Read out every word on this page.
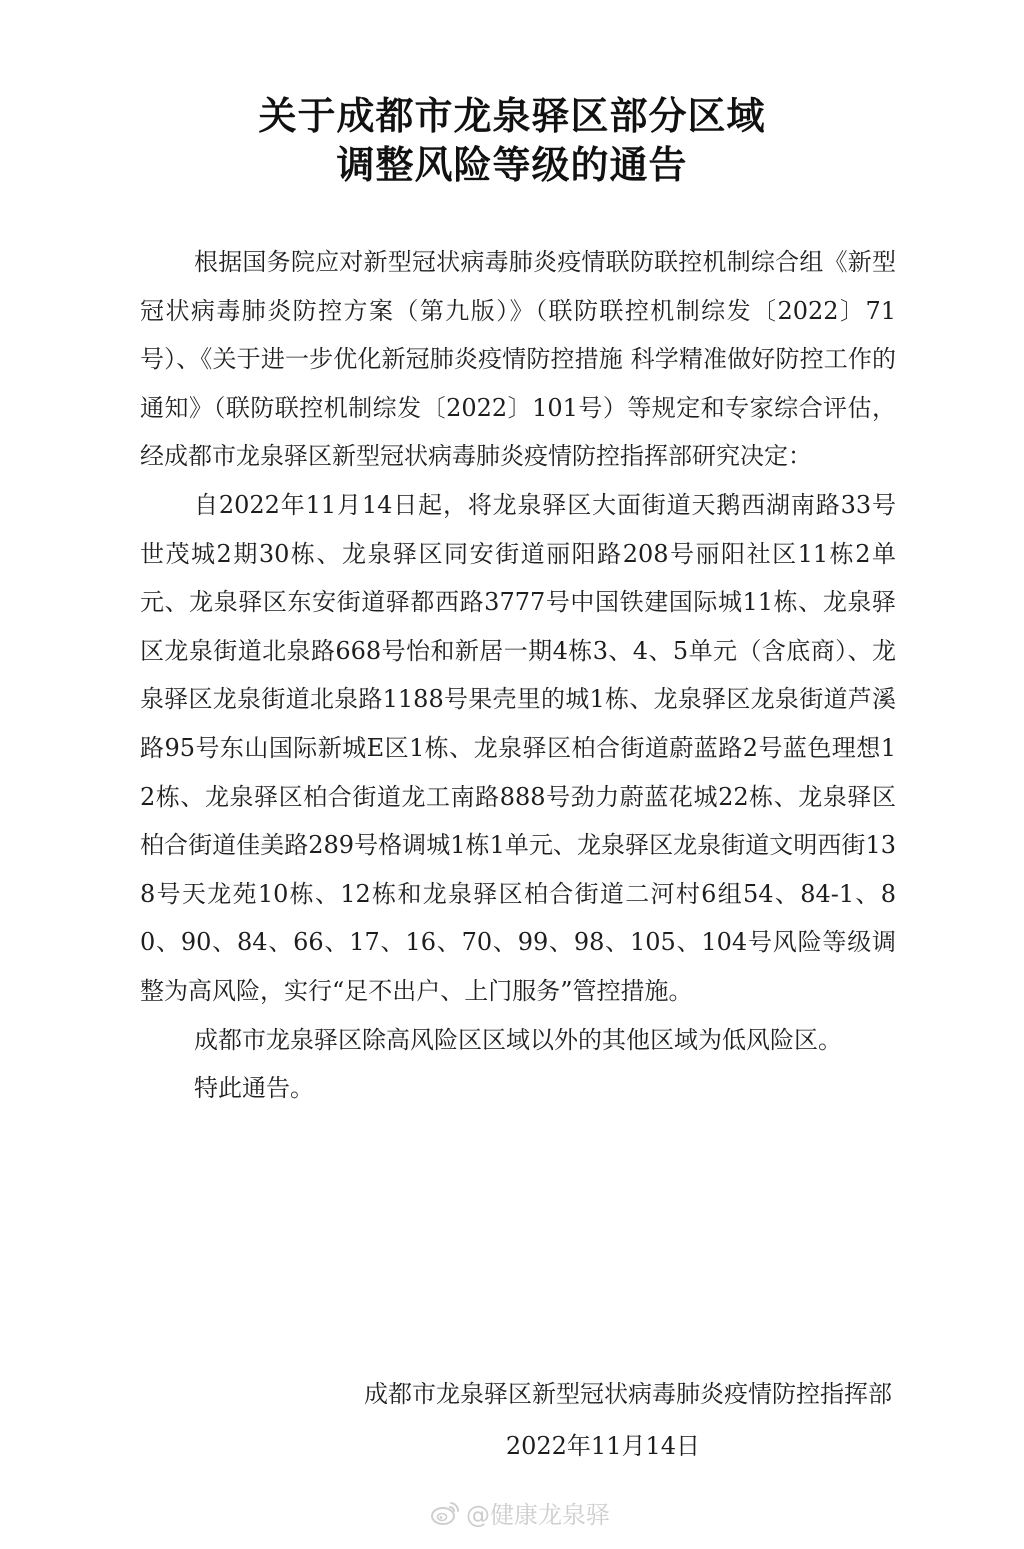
关于成都市龙泉驿区部分区域
调整风险等级的通告

根据国务院应对新型冠状病毒肺炎疫情联防联控机制综合组《新型冠状病毒肺炎防控方案（第九版）》（联防联控机制综发〔2022〕71号）、《关于进一步优化新冠肺炎疫情防控措施 科学精准做好防控工作的通知》（联防联控机制综发〔2022〕101号）等规定和专家综合评估，经成都市龙泉驿区新型冠状病毒肺炎疫情防控指挥部研究决定：

自2022年11月14日起，将龙泉驿区大面街道天鹅西湖南路33号世茂城2期30栋、龙泉驿区同安街道丽阳路208号丽阳社区11栋2单元、龙泉驿区东安街道驿都西路3777号中国铁建国际城11栋、龙泉驿区龙泉街道北泉路668号怡和新居一期4栋3、4、5单元（含底商）、龙泉驿区龙泉街道北泉路1188号果壳里的城1栋、龙泉驿区龙泉街道芦溪路95号东山国际新城E区1栋、龙泉驿区柏合街道蔚蓝路2号蓝色理想12栋、龙泉驿区柏合街道龙工南路888号劲力蔚蓝花城22栋、龙泉驿区柏合街道佳美路289号格调城1栋1单元、龙泉驿区龙泉街道文明西街138号天龙苑10栋、12栋和龙泉驿区柏合街道二河村6组54、84-1、80、90、84、66、17、16、70、99、98、105、104号风险等级调整为高风险，实行“足不出户、上门服务”管控措施。

成都市龙泉驿区除高风险区区域以外的其他区域为低风险区。

特此通告。

成都市龙泉驿区新型冠状病毒肺炎疫情防控指挥部
2022年11月14日
@健康龙泉驿
